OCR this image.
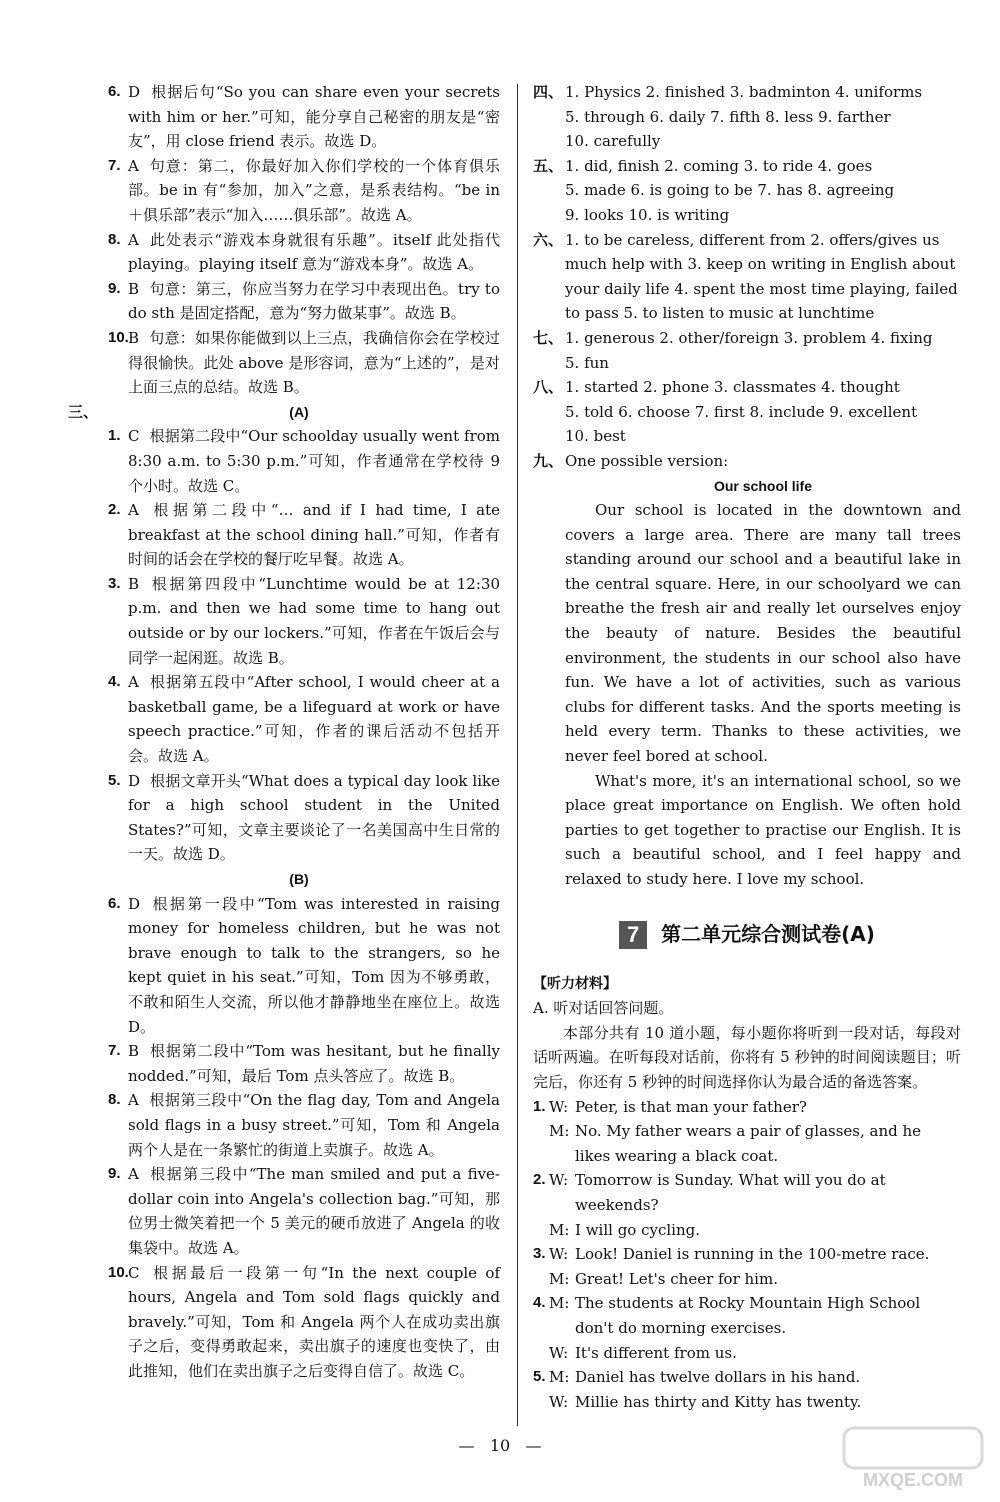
6. D 根据后句“So you can share even your secrets with him or her.”可知，能分享自己秘密的朋友是“密友”，用 close friend 表示。故选 D。

7. A 句意：第二，你最好加入你们学校的一个体育俱乐部。be in 有“参加，加入”之意，是系表结构。“be in＋俱乐部”表示“加入……俱乐部”。故选 A。

8. A 此处表示“游戏本身就很有乐趣”。itself 此处指代 playing。playing itself 意为“游戏本身”。故选 A。

9. B 句意：第三，你应当努力在学习中表现出色。try to do sth 是固定搭配，意为“努力做某事”。故选 B。

10. B 句意：如果你能做到以上三点，我确信你会在学校过得很愉快。此处 above 是形容词，意为“上述的”，是对上面三点的总结。故选 B。

三、	(A)

1. C 根据第二段中“Our schoolday usually went from 8:30 a.m. to 5:30 p.m.”可知，作者通常在学校待 9 个小时。故选 C。

2. A 根据第二段中“… and if I had time, I ate breakfast at the school dining hall.”可知，作者有时间的话会在学校的餐厅吃早餐。故选 A。

3. B 根据第四段中“Lunchtime would be at 12:30 p.m. and then we had some time to hang out outside or by our lockers.”可知，作者在午饭后会与同学一起闲逛。故选 B。

4. A 根据第五段中“After school, I would cheer at a basketball game, be a lifeguard at work or have speech practice.”可知，作者的课后活动不包括开会。故选 A。

5. D 根据文章开头“What does a typical day look like for a high school student in the United States?”可知，文章主要谈论了一名美国高中生日常的一天。故选 D。

(B)

6. D 根据第一段中“Tom was interested in raising money for homeless children, but he was not brave enough to talk to the strangers, so he kept quiet in his seat.”可知，Tom 因为不够勇敢，不敢和陌生人交流，所以他才静静地坐在座位上。故选 D。

7. B 根据第二段中“Tom was hesitant, but he finally nodded.”可知，最后 Tom 点头答应了。故选 B。

8. A 根据第三段中“On the flag day, Tom and Angela sold flags in a busy street.”可知，Tom 和 Angela 两个人是在一条繁忙的街道上卖旗子。故选 A。

9. A 根据第三段中“The man smiled and put a five-dollar coin into Angela's collection bag.”可知，那位男士微笑着把一个 5 美元的硬币放进了 Angela 的收集袋中。故选 A。

10. C 根据最后一段第一句“In the next couple of hours, Angela and Tom sold flags quickly and bravely.”可知，Tom 和 Angela 两个人在成功卖出旗子之后，变得勇敢起来，卖出旗子的速度也变快了，由此推知，他们在卖出旗子之后变得自信了。故选 C。

四、 1. Physics 2. finished 3. badminton 4. uniforms
5. through 6. daily 7. fifth 8. less 9. farther
10. carefully
五、 1. did, finish 2. coming 3. to ride 4. goes
5. made 6. is going to be 7. has 8. agreeing
9. looks 10. is writing
六、 1. to be careless, different from 2. offers/gives us much help with 3. keep on writing in English about your daily life 4. spent the most time playing, failed to pass 5. to listen to music at lunchtime
七、 1. generous 2. other/foreign 3. problem 4. fixing
5. fun
八、 1. started 2. phone 3. classmates 4. thought
5. told 6. choose 7. first 8. include 9. excellent
10. best
九、 One possible version:
Our school life

Our school is located in the downtown and covers a large area. There are many tall trees standing around our school and a beautiful lake in the central square. Here, in our schoolyard we can breathe the fresh air and really let ourselves enjoy the beauty of nature. Besides the beautiful environment, the students in our school also have fun. We have a lot of activities, such as various clubs for different tasks. And the sports meeting is held every term. Thanks to these activities, we never feel bored at school.

What's more, it's an international school, so we place great importance on English. We often hold parties to get together to practise our English. It is such a beautiful school, and I feel happy and relaxed to study here. I love my school.

7	第二单元综合测试卷(A)
【听力材料】
A. 听对话回答问题。

本部分共有 10 道小题，每小题你将听到一段对话，每段对话听两遍。在听每段对话前，你将有 5 秒钟的时间阅读题目；听完后，你还有 5 秒钟的时间选择你认为最合适的备选答案。

1. W: Peter, is that man your father?
M: No. My father wears a pair of glasses, and he likes wearing a black coat.
2. W: Tomorrow is Sunday. What will you do at weekends?
M: I will go cycling.
3. W: Look! Daniel is running in the 100-metre race.
M: Great! Let's cheer for him.
4. M: The students at Rocky Mountain High School don't do morning exercises.
W: It's different from us.
5. M: Daniel has twelve dollars in his hand.
W: Millie has thirty and Kitty has twenty.
— 10 —
MXQE.COM
